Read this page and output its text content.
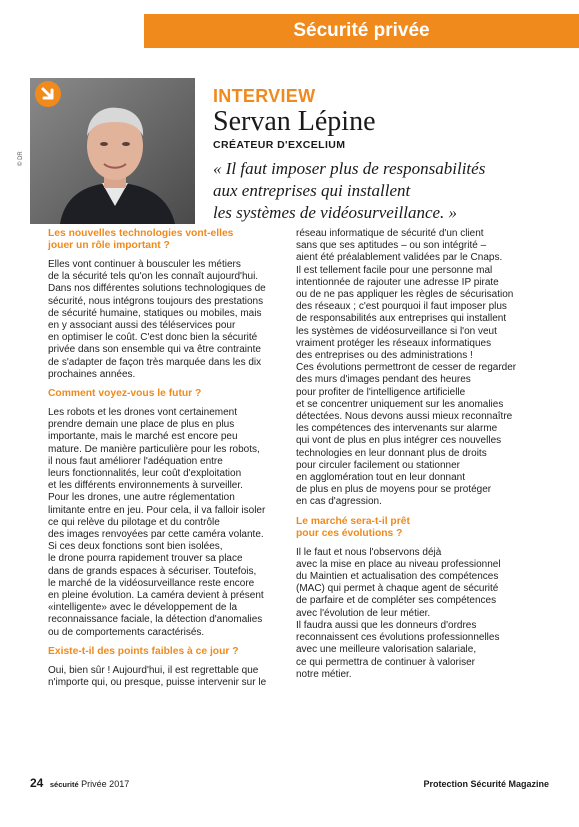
Sécurité privée
© DR
INTERVIEW
Servan Lépine
CRÉATEUR D'EXCELIUM
« Il faut imposer plus de responsabilités
aux entreprises qui installent
les systèmes de vidéosurveillance. »
Les nouvelles technologies vont-elles
jouer un rôle important ?
Elles vont continuer à bousculer les métiers
de la sécurité tels qu'on les connaît aujourd'hui.
Dans nos différentes solutions technologiques de
sécurité, nous intégrons toujours des prestations
de sécurité humaine, statiques ou mobiles, mais
en y associant aussi des téléservices pour
en optimiser le coût. C'est donc bien la sécurité
privée dans son ensemble qui va être contrainte
de s'adapter de façon très marquée dans les dix
prochaines années.
Comment voyez-vous le futur ?
Les robots et les drones vont certainement
prendre demain une place de plus en plus
importante, mais le marché est encore peu
mature. De manière particulière pour les robots,
il nous faut améliorer l'adéquation entre
leurs fonctionnalités, leur coût d'exploitation
et les différents environnements à surveiller.
Pour les drones, une autre réglementation
limitante entre en jeu. Pour cela, il va falloir isoler
ce qui relève du pilotage et du contrôle
des images renvoyées par cette caméra volante.
Si ces deux fonctions sont bien isolées,
le drone pourra rapidement trouver sa place
dans de grands espaces à sécuriser. Toutefois,
le marché de la vidéosurveillance reste encore
en pleine évolution. La caméra devient à présent
«intelligente» avec le développement de la
reconnaissance faciale, la détection d'anomalies
ou de comportements caractérisés.
Existe-t-il des points faibles à ce jour ?
Oui, bien sûr ! Aujourd'hui, il est regrettable que
n'importe qui, ou presque, puisse intervenir sur le
réseau informatique de sécurité d'un client
sans que ses aptitudes – ou son intégrité –
aient été préalablement validées par le Cnaps.
Il est tellement facile pour une personne mal
intentionnée de rajouter une adresse IP pirate
ou de ne pas appliquer les règles de sécurisation
des réseaux ; c'est pourquoi il faut imposer plus
de responsabilités aux entreprises qui installent
les systèmes de vidéosurveillance si l'on veut
vraiment protéger les réseaux informatiques
des entreprises ou des administrations !
Ces évolutions permettront de cesser de regarder
des murs d'images pendant des heures
pour profiter de l'intelligence artificielle
et se concentrer uniquement sur les anomalies
détectées. Nous devons aussi mieux reconnaître
les compétences des intervenants sur alarme
qui vont de plus en plus intégrer ces nouvelles
technologies en leur donnant plus de droits
pour circuler facilement ou stationner
en agglomération tout en leur donnant
de plus en plus de moyens pour se protéger
en cas d'agression.
Le marché sera-t-il prêt
pour ces évolutions ?
Il le faut et nous l'observons déjà
avec la mise en place au niveau professionnel
du Maintien et actualisation des compétences
(MAC) qui permet à chaque agent de sécurité
de parfaire et de compléter ses compétences
avec l'évolution de leur métier.
Il faudra aussi que les donneurs d'ordres
reconnaissent ces évolutions professionnelles
avec une meilleure valorisation salariale,
ce qui permettra de continuer à valoriser
notre métier.
24 sécurité Privée 2017	Protection Sécurité Magazine
